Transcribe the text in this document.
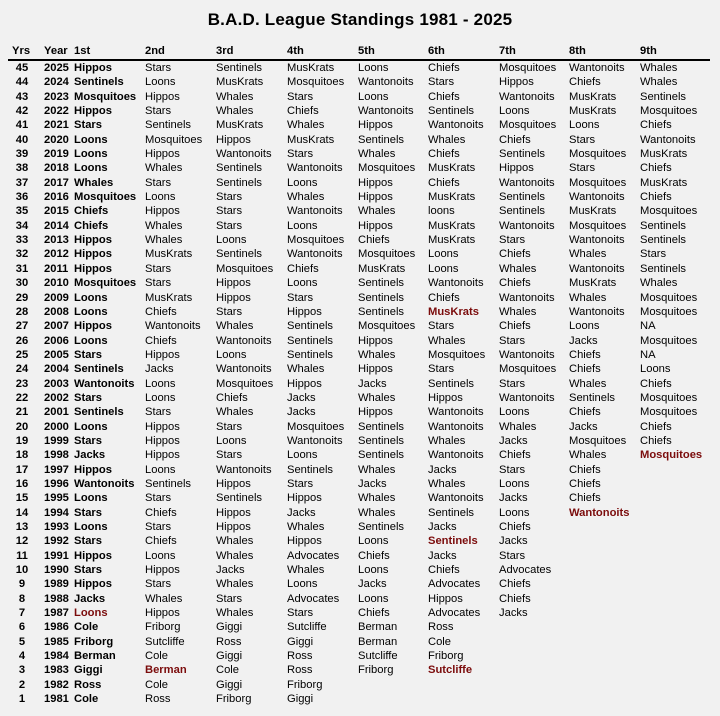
B.A.D. League Standings 1981 - 2025
Yrs	Year	1st	2nd	3rd	4th	5th	6th	7th	8th	9th
45	2025	Hippos	Stars	Sentinels	MusKrats	Loons	Chiefs	Mosquitoes	Wantonoits	Whales
44	2024	Sentinels	Loons	MusKrats	Mosquitoes	Wantonoits	Stars	Hippos	Chiefs	Whales
43	2023	Mosquitoes	Hippos	Whales	Stars	Loons	Chiefs	Wantonoits	MusKrats	Sentinels
42	2022	Hippos	Stars	Whales	Chiefs	Wantonoits	Sentinels	Loons	MusKrats	Mosquitoes
41	2021	Stars	Sentinels	MusKrats	Whales	Hippos	Wantonoits	Mosquitoes	Loons	Chiefs
40	2020	Loons	Mosquitoes	Hippos	MusKrats	Sentinels	Whales	Chiefs	Stars	Wantonoits
39	2019	Loons	Hippos	Wantonoits	Stars	Whales	Chiefs	Sentinels	Mosquitoes	MusKrats
38	2018	Loons	Whales	Sentinels	Wantonoits	Mosquitoes	MusKrats	Hippos	Stars	Chiefs
37	2017	Whales	Stars	Sentinels	Loons	Hippos	Chiefs	Wantonoits	Mosquitoes	MusKrats
36	2016	Mosquitoes	Loons	Stars	Whales	Hippos	MusKrats	Sentinels	Wantonoits	Chiefs
35	2015	Chiefs	Hippos	Stars	Wantonoits	Whales	loons	Sentinels	MusKrats	Mosquitoes
34	2014	Chiefs	Whales	Stars	Loons	Hippos	MusKrats	Wantonoits	Mosquitoes	Sentinels
33	2013	Hippos	Whales	Loons	Mosquitoes	Chiefs	MusKrats	Stars	Wantonoits	Sentinels
32	2012	Hippos	MusKrats	Sentinels	Wantonoits	Mosquitoes	Loons	Chiefs	Whales	Stars
31	2011	Hippos	Stars	Mosquitoes	Chiefs	MusKrats	Loons	Whales	Wantonoits	Sentinels
30	2010	Mosquitoes	Stars	Hippos	Loons	Sentinels	Wantonoits	Chiefs	MusKrats	Whales
29	2009	Loons	MusKrats	Hippos	Stars	Sentinels	Chiefs	Wantonoits	Whales	Mosquitoes
28	2008	Loons	Chiefs	Stars	Hippos	Sentinels	MusKrats	Whales	Wantonoits	Mosquitoes
27	2007	Hippos	Wantonoits	Whales	Sentinels	Mosquitoes	Stars	Chiefs	Loons	NA
26	2006	Loons	Chiefs	Wantonoits	Sentinels	Hippos	Whales	Stars	Jacks	Mosquitoes
25	2005	Stars	Hippos	Loons	Sentinels	Whales	Mosquitoes	Wantonoits	Chiefs	NA
24	2004	Sentinels	Jacks	Wantonoits	Whales	Hippos	Stars	Mosquitoes	Chiefs	Loons
23	2003	Wantonoits	Loons	Mosquitoes	Hippos	Jacks	Sentinels	Stars	Whales	Chiefs
22	2002	Stars	Loons	Chiefs	Jacks	Whales	Hippos	Wantonoits	Sentinels	Mosquitoes
21	2001	Sentinels	Stars	Whales	Jacks	Hippos	Wantonoits	Loons	Chiefs	Mosquitoes
20	2000	Loons	Hippos	Stars	Mosquitoes	Sentinels	Wantonoits	Whales	Jacks	Chiefs
19	1999	Stars	Hippos	Loons	Wantonoits	Sentinels	Whales	Jacks	Mosquitoes	Chiefs
18	1998	Jacks	Hippos	Stars	Loons	Sentinels	Wantonoits	Chiefs	Whales	Mosquitoes
17	1997	Hippos	Loons	Wantonoits	Sentinels	Whales	Jacks	Stars	Chiefs	
16	1996	Wantonoits	Sentinels	Hippos	Stars	Jacks	Whales	Loons	Chiefs	
15	1995	Loons	Stars	Sentinels	Hippos	Whales	Wantonoits	Jacks	Chiefs	
14	1994	Stars	Chiefs	Hippos	Jacks	Whales	Sentinels	Loons	Wantonoits	
13	1993	Loons	Stars	Hippos	Whales	Sentinels	Jacks	Chiefs		
12	1992	Stars	Chiefs	Whales	Hippos	Loons	Sentinels	Jacks		
11	1991	Hippos	Loons	Whales	Advocates	Chiefs	Jacks	Stars		
10	1990	Stars	Hippos	Jacks	Whales	Loons	Chiefs	Advocates		
9	1989	Hippos	Stars	Whales	Loons	Jacks	Advocates	Chiefs		
8	1988	Jacks	Whales	Stars	Advocates	Loons	Hippos	Chiefs		
7	1987	Loons	Hippos	Whales	Stars	Chiefs	Advocates	Jacks		
6	1986	Cole	Friborg	Giggi	Sutcliffe	Berman	Ross			
5	1985	Friborg	Sutcliffe	Ross	Giggi	Berman	Cole			
4	1984	Berman	Cole	Giggi	Ross	Sutcliffe	Friborg			
3	1983	Giggi	Berman	Cole	Ross	Friborg	Sutcliffe			
2	1982	Ross	Cole	Giggi	Friborg					
1	1981	Cole	Ross	Friborg	Giggi					
